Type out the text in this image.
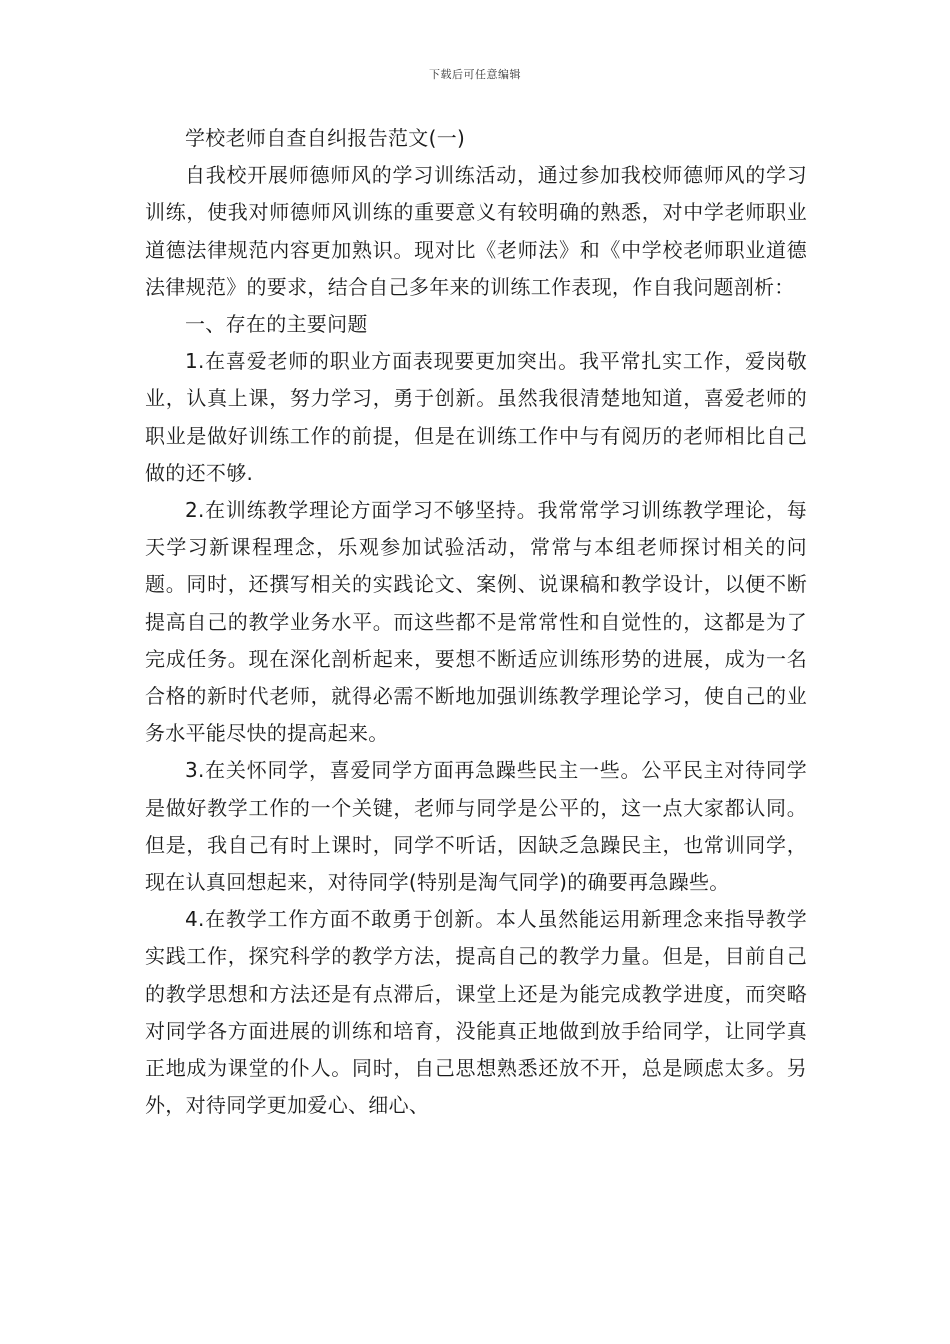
下载后可任意编辑

学校老师自查自纠报告范文(一)

自我校开展师德师风的学习训练活动，通过参加我校师德师风的学习训练，使我对师德师风训练的重要意义有较明确的熟悉，对中学老师职业道德法律规范内容更加熟识。现对比《老师法》和《中学校老师职业道德法律规范》的要求，结合自己多年来的训练工作表现，作自我问题剖析：

一、存在的主要问题

1.在喜爱老师的职业方面表现要更加突出。我平常扎实工作，爱岗敬业，认真上课，努力学习，勇于创新。虽然我很清楚地知道，喜爱老师的职业是做好训练工作的前提，但是在训练工作中与有阅历的老师相比自己做的还不够.

2.在训练教学理论方面学习不够坚持。我常常学习训练教学理论，每天学习新课程理念，乐观参加试验活动，常常与本组老师探讨相关的问题。同时，还撰写相关的实践论文、案例、说课稿和教学设计，以便不断提高自己的教学业务水平。而这些都不是常常性和自觉性的，这都是为了完成任务。现在深化剖析起来，要想不断适应训练形势的进展，成为一名合格的新时代老师，就得必需不断地加强训练教学理论学习，使自己的业务水平能尽快的提高起来。

3.在关怀同学，喜爱同学方面再急躁些民主一些。公平民主对待同学是做好教学工作的一个关键，老师与同学是公平的，这一点大家都认同。但是，我自己有时上课时，同学不听话，因缺乏急躁民主，也常训同学，现在认真回想起来，对待同学(特别是淘气同学)的确要再急躁些。

4.在教学工作方面不敢勇于创新。本人虽然能运用新理念来指导教学实践工作，探究科学的教学方法，提高自己的教学力量。但是，目前自己的教学思想和方法还是有点滞后，课堂上还是为能完成教学进度，而突略对同学各方面进展的训练和培育，没能真正地做到放手给同学，让同学真正地成为课堂的仆人。同时，自己思想熟悉还放不开，总是顾虑太多。另外，对待同学更加爱心、细心、
